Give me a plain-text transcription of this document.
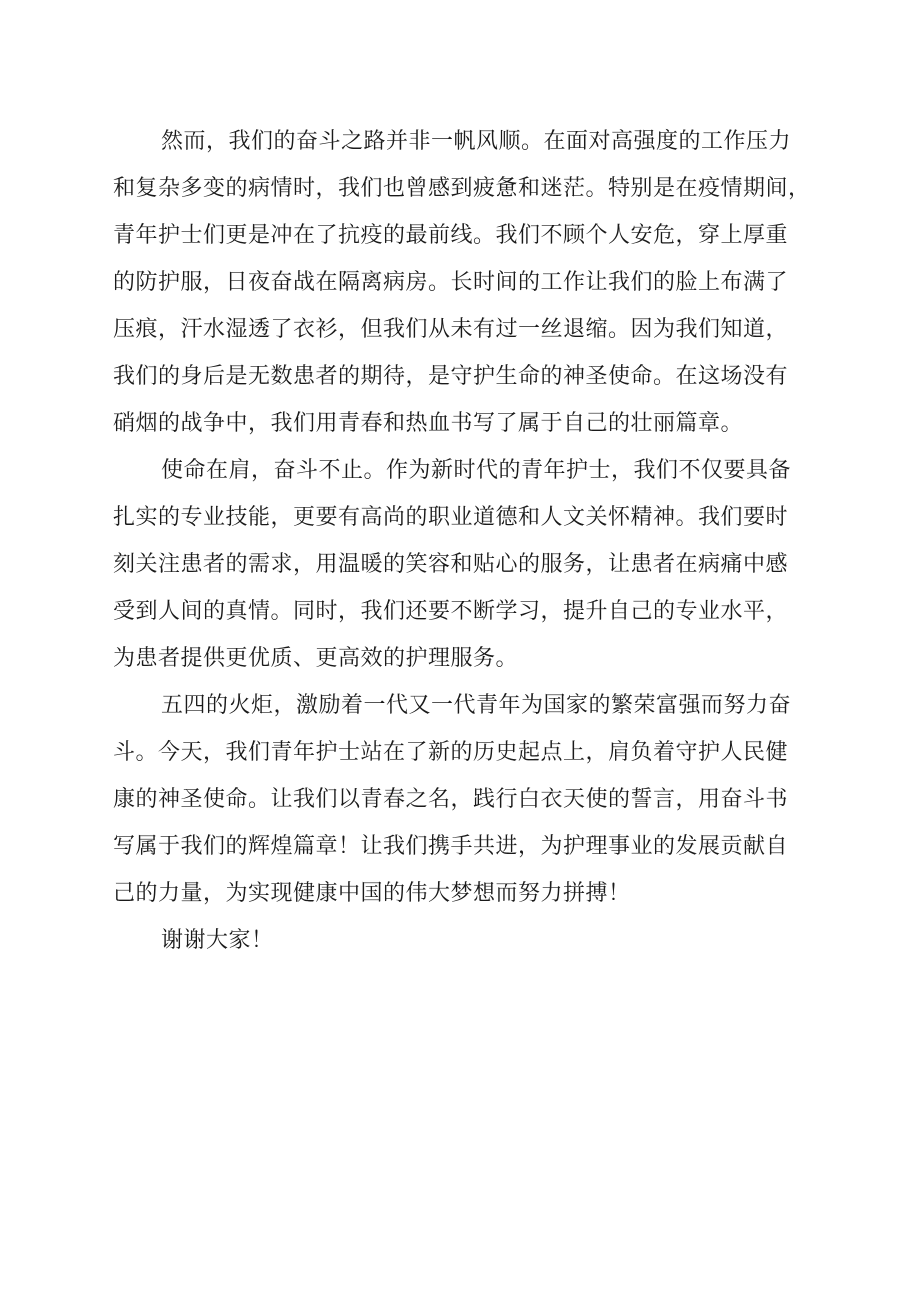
然而，我们的奋斗之路并非一帆风顺。在面对高强度的工作压力
和复杂多变的病情时，我们也曾感到疲惫和迷茫。特别是在疫情期间，
青年护士们更是冲在了抗疫的最前线。我们不顾个人安危，穿上厚重
的防护服，日夜奋战在隔离病房。长时间的工作让我们的脸上布满了
压痕，汗水湿透了衣衫，但我们从未有过一丝退缩。因为我们知道，
我们的身后是无数患者的期待，是守护生命的神圣使命。在这场没有
硝烟的战争中，我们用青春和热血书写了属于自己的壮丽篇章。
使命在肩，奋斗不止。作为新时代的青年护士，我们不仅要具备
扎实的专业技能，更要有高尚的职业道德和人文关怀精神。我们要时
刻关注患者的需求，用温暖的笑容和贴心的服务，让患者在病痛中感
受到人间的真情。同时，我们还要不断学习，提升自己的专业水平，
为患者提供更优质、更高效的护理服务。
五四的火炬，激励着一代又一代青年为国家的繁荣富强而努力奋
斗。今天，我们青年护士站在了新的历史起点上，肩负着守护人民健
康的神圣使命。让我们以青春之名，践行白衣天使的誓言，用奋斗书
写属于我们的辉煌篇章！让我们携手共进，为护理事业的发展贡献自
己的力量，为实现健康中国的伟大梦想而努力拼搏！
谢谢大家！
